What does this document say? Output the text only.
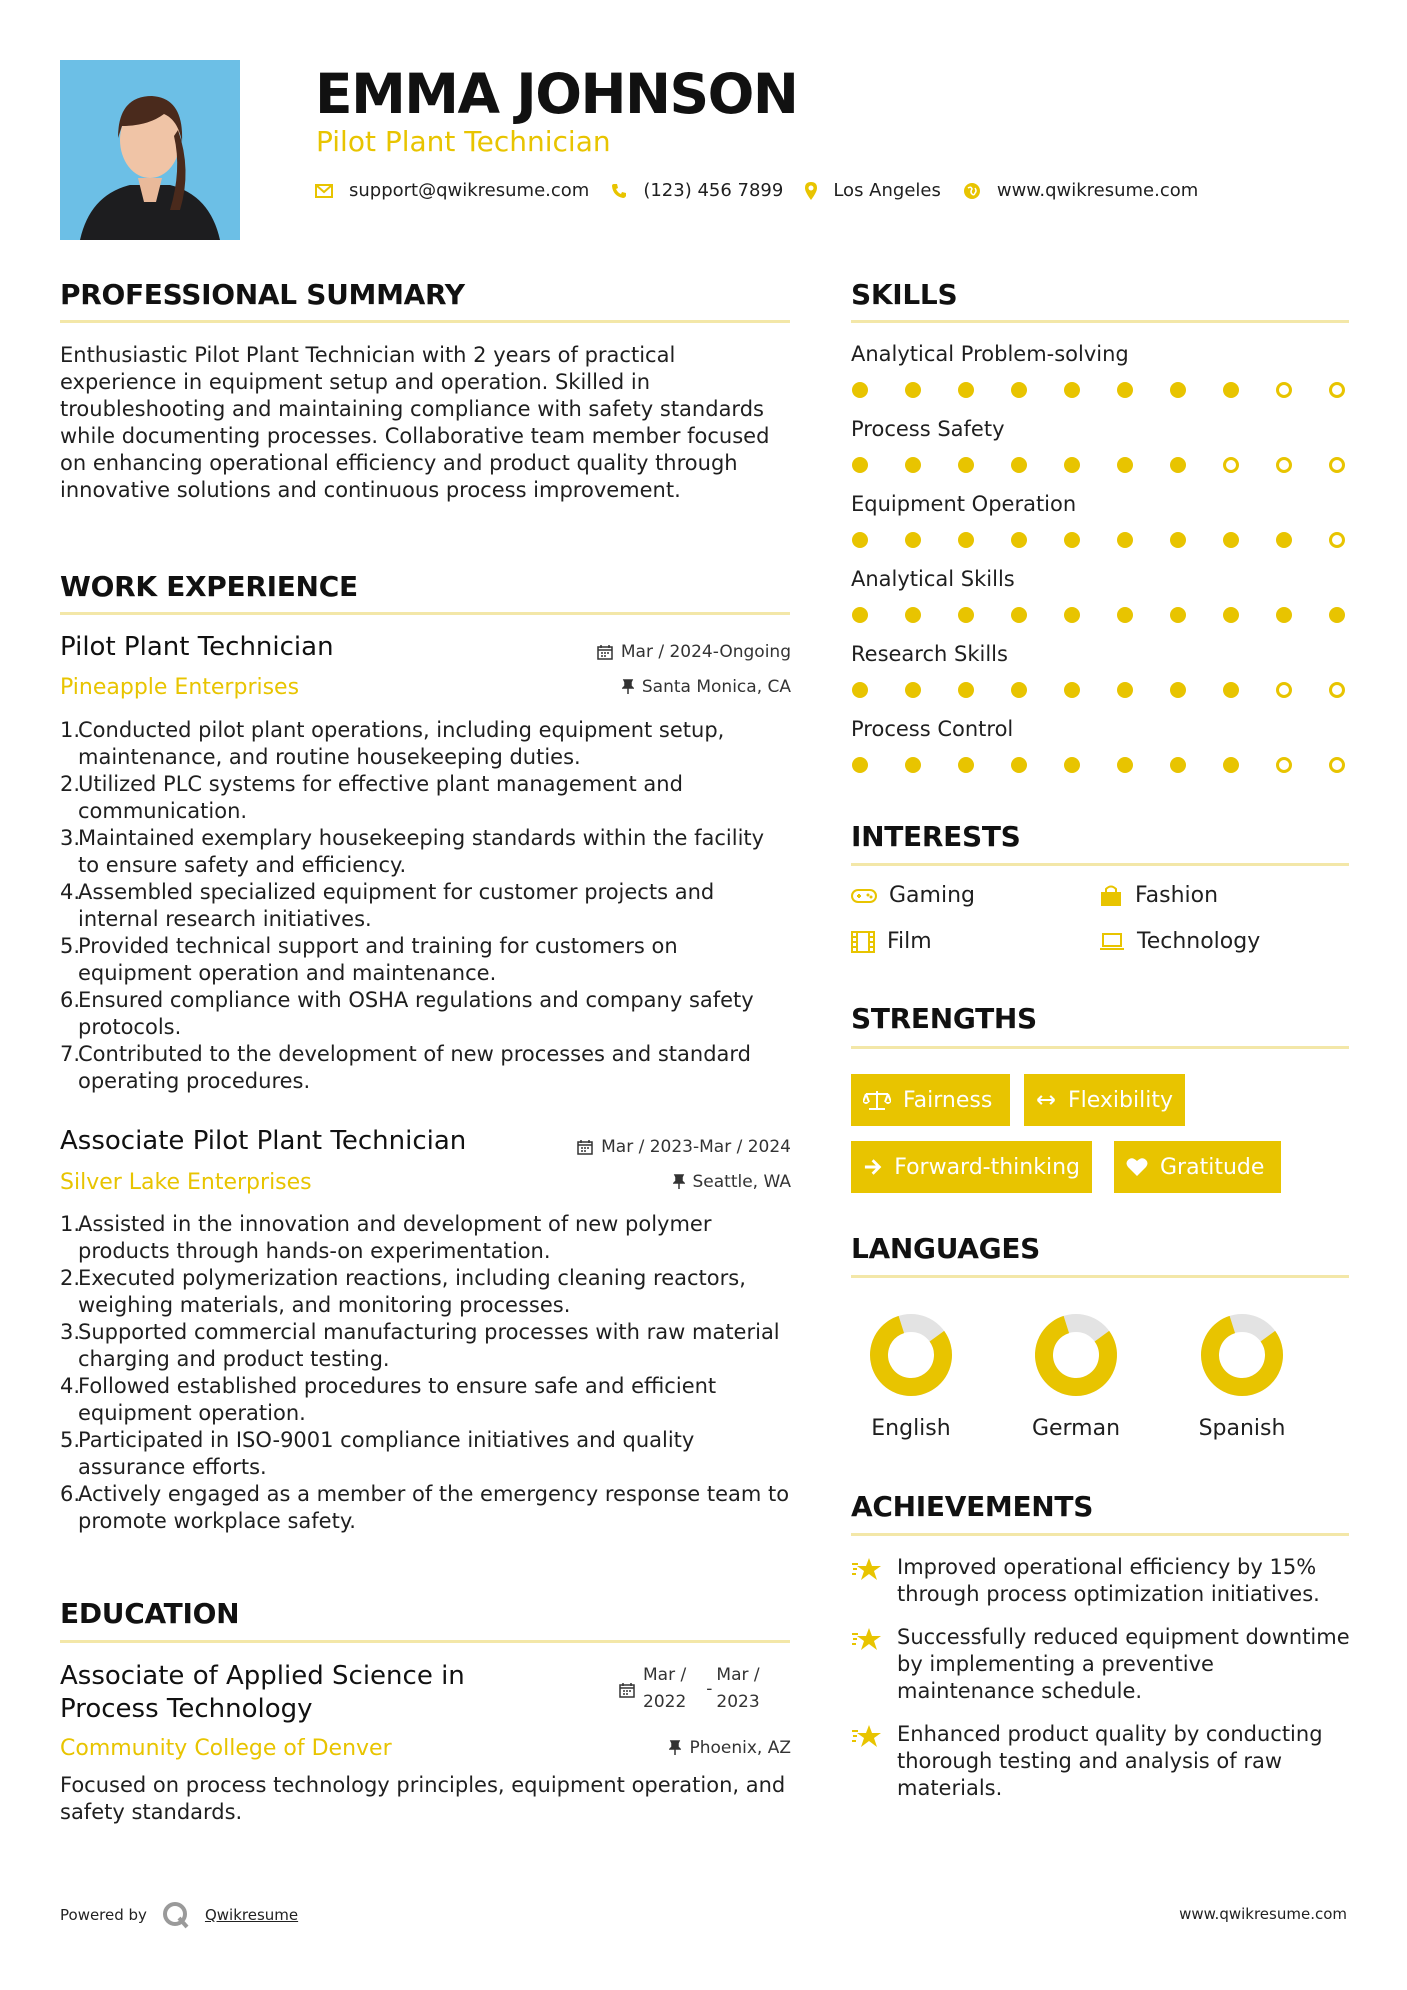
EMMA JOHNSON
Pilot Plant Technician
support@qwikresume.com	(123) 456 7899	Los Angeles	www.qwikresume.com
PROFESSIONAL SUMMARY
Enthusiastic Pilot Plant Technician with 2 years of practical experience in equipment setup and operation. Skilled in troubleshooting and maintaining compliance with safety standards while documenting processes. Collaborative team member focused on enhancing operational efficiency and product quality through innovative solutions and continuous process improvement.
WORK EXPERIENCE
Pilot Plant Technician	Mar / 2024-Ongoing
Pineapple Enterprises	Santa Monica, CA
1.
Conducted pilot plant operations, including equipment setup, maintenance, and routine housekeeping duties.
2.
Utilized PLC systems for effective plant management and communication.
3.
Maintained exemplary housekeeping standards within the facility to ensure safety and efficiency.
4.
Assembled specialized equipment for customer projects and internal research initiatives.
5.
Provided technical support and training for customers on equipment operation and maintenance.
6.
Ensured compliance with OSHA regulations and company safety protocols.
7.
Contributed to the development of new processes and standard operating procedures.
Associate Pilot Plant Technician	Mar / 2023-Mar / 2024
Silver Lake Enterprises	Seattle, WA
1.
Assisted in the innovation and development of new polymer products through hands-on experimentation.
2.
Executed polymerization reactions, including cleaning reactors, weighing materials, and monitoring processes.
3.
Supported commercial manufacturing processes with raw material charging and product testing.
4.
Followed established procedures to ensure safe and efficient equipment operation.
5.
Participated in ISO-9001 compliance initiatives and quality assurance efforts.
6.
Actively engaged as a member of the emergency response team to promote workplace safety.
EDUCATION
Associate of Applied Science in
Process Technology
Mar /
2022
-
Mar /
2023
Community College of Denver	Phoenix, AZ
Focused on process technology principles, equipment operation, and safety standards.
SKILLS
Analytical Problem-solving
Process Safety
Equipment Operation
Analytical Skills
Research Skills
Process Control
INTERESTS
Gaming	Fashion
Film	Technology
STRENGTHS
Fairness	Flexibility
Forward-thinking	Gratitude
LANGUAGES
English	German	Spanish
ACHIEVEMENTS
Improved operational efficiency by 15% through process optimization initiatives.
Successfully reduced equipment downtime by implementing a preventive maintenance schedule.
Enhanced product quality by conducting thorough testing and analysis of raw materials.
Powered by	Qwikresume	www.qwikresume.com
